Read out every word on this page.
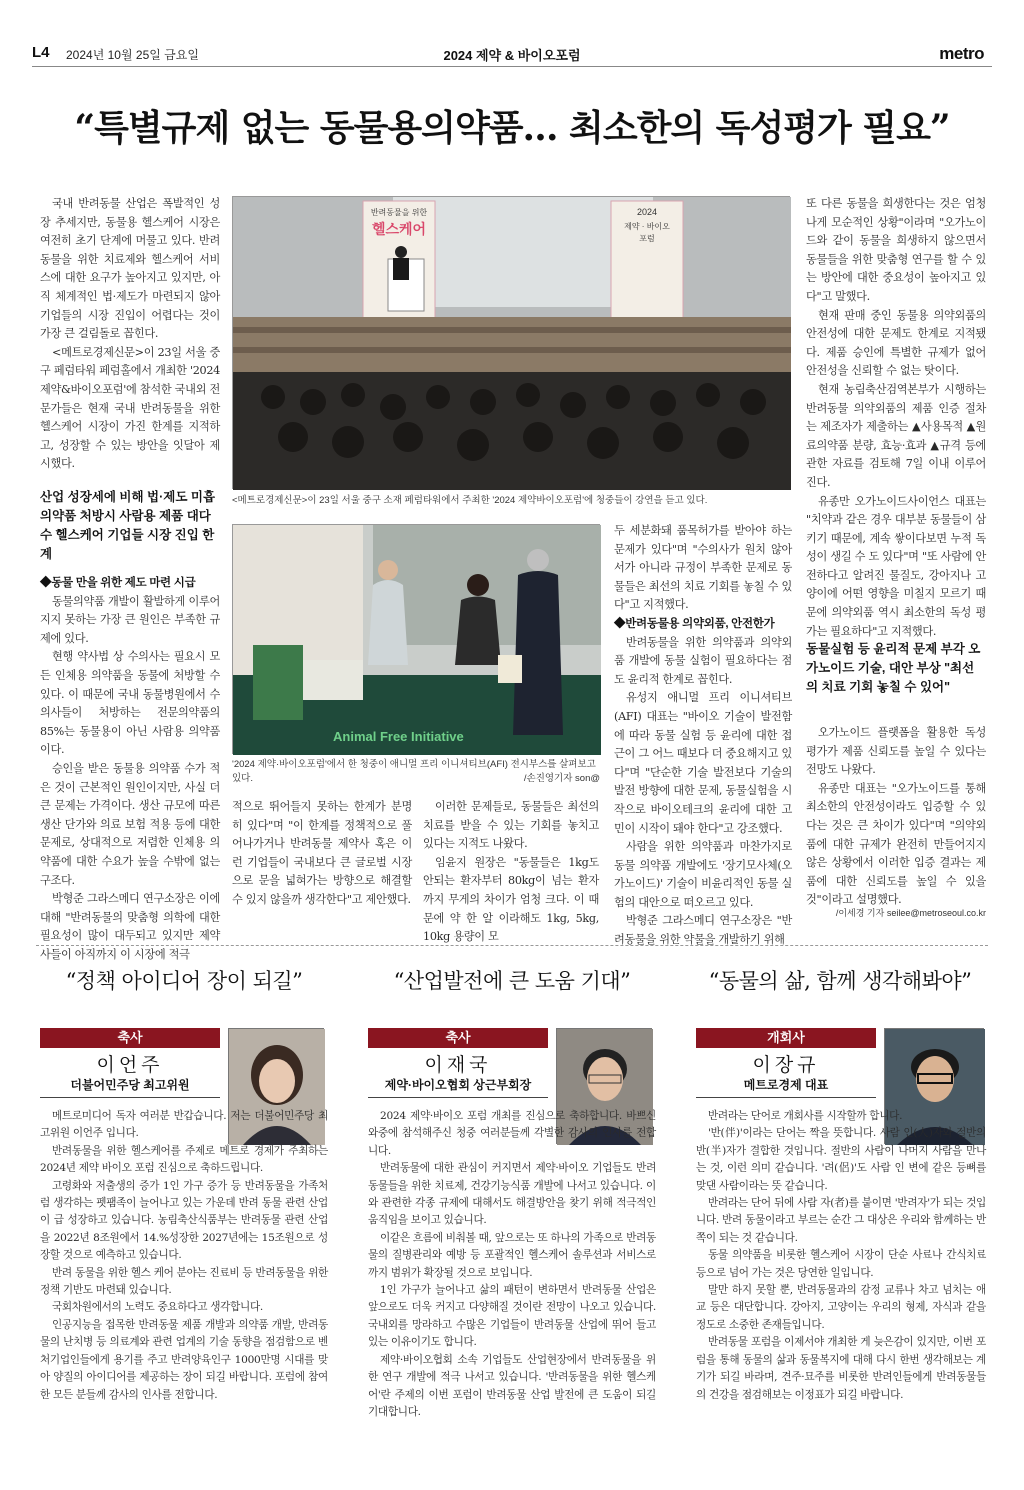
L4 2024년 10월 25일 금요일	2024 제약 & 바이오포럼	metro
“특별규제 없는 동물용의약품… 최소한의 독성평가 필요”

국내 반려동물 산업은 폭발적인 성장 추세지만, 동물용 헬스케어 시장은 여전히 초기 단계에 머물고 있다. 반려동물을 위한 치료제와 헬스케어 서비스에 대한 요구가 높아지고 있지만, 아직 체계적인 법·제도가 마련되지 않아 기업들의 시장 진입이 어렵다는 것이 가장 큰 걸림돌로 꼽힌다.

<메트로경제신문>이 23일 서울 중구 페럼타워 페럼홀에서 개최한 '2024 제약&바이오포럼'에 참석한 국내외 전문가들은 현재 국내 반려동물을 위한 헬스케어 시장이 가진 한계를 지적하고, 성장할 수 있는 방안을 잇달아 제시했다.

산업 성장세에 비해 법·제도 미흡 의약품 처방시 사람용 제품 대다수 헬스케어 기업들 시장 진입 한계
◆동물 만을 위한 제도 마련 시급

동물의약품 개발이 활발하게 이루어지지 못하는 가장 큰 원인은 부족한 규제에 있다.

현행 약사법 상 수의사는 필요시 모든 인체용 의약품을 동물에 처방할 수 있다. 이 때문에 국내 동물병원에서 수의사들이 처방하는 전문의약품의 85%는 동물용이 아닌 사람용 의약품이다.

승인을 받은 동물용 의약품 수가 적은 것이 근본적인 원인이지만, 사실 더 큰 문제는 가격이다. 생산 규모에 따른 생산 단가와 의료 보험 적용 등에 대한 문제로, 상대적으로 저렴한 인체용 의약품에 대한 수요가 높을 수밖에 없는 구조다.

박형준 그라스메디 연구소장은 이에 대해 "반려동물의 맞춤형 의학에 대한 필요성이 많이 대두되고 있지만 제약사들이 아직까지 이 시장에 적극

반려동물을 위한
헬스케어
2024
제약 · 바이오
포럼
<메트로경제신문>이 23일 서울 중구 소재 페럼타워에서 주최한 '2024 제약바이오포럼'에 청중들이 강연을 듣고 있다.
Animal Free Initiative
'2024 제약·바이오포럼'에서 한 청중이 애니멀 프리 이니셔티브(AFI) 전시부스를 살펴보고 있다.	/손진영기자 son@

적으로 뛰어들지 못하는 한계가 분명히 있다"며 "이 한계를 정책적으로 풀어나가거나 반려동물 제약사 혹은 이런 기업들이 국내보다 큰 글로벌 시장으로 문을 넓혀가는 방향으로 해결할 수 있지 않을까 생각한다"고 제안했다.

이러한 문제들로, 동물들은 최선의 치료를 받을 수 있는 기회를 놓치고 있다는 지적도 나왔다.

임윤지 원장은 "동물들은 1kg도 안되는 환자부터 80kg이 넘는 환자까지 무게의 차이가 엄청 크다. 이 때문에 약 한 알 이라해도 1kg, 5kg, 10kg 용량이 모

두 세분화돼 품목허가를 받아야 하는 문제가 있다"며 "수의사가 원치 않아서가 아니라 규정이 부족한 문제로 동물들은 최선의 치료 기회를 놓칠 수 있다"고 지적했다.

◆반려동물용 의약외품, 안전한가

반려동물을 위한 의약품과 의약외품 개발에 동물 실험이 필요하다는 점도 윤리적 한계로 꼽힌다.

유성지 애니멀 프리 이니셔티브(AFI) 대표는 "바이오 기술이 발전함에 따라 동물 실험 등 윤리에 대한 접근이 그 어느 때보다 더 중요해지고 있다"며 "단순한 기술 발전보다 기술의 발전 방향에 대한 문제, 동물실험을 시작으로 바이오테크의 윤리에 대한 고민이 시작이 돼야 한다"고 강조했다.

사람을 위한 의약품과 마찬가지로 동물 의약품 개발에도 '장기모사체(오가노이드)' 기술이 비윤리적인 동물 실험의 대안으로 떠오르고 있다.

박형준 그라스메디 연구소장은 "반려동물을 위한 약물을 개발하기 위해

또 다른 동물을 희생한다는 것은 엄청나게 모순적인 상황"이라며 "오가노이드와 같이 동물을 희생하지 않으면서 동물들을 위한 맞춤형 연구를 할 수 있는 방안에 대한 중요성이 높아지고 있다"고 말했다.

현재 판매 중인 동물용 의약외품의 안전성에 대한 문제도 한계로 지적됐다. 제품 승인에 특별한 규제가 없어 안전성을 신뢰할 수 없는 탓이다.

현재 농림축산검역본부가 시행하는 반려동물 의약외품의 제품 인증 절차는 제조자가 제출하는 ▲사용목적 ▲원료의약품 분량, 효능·효과 ▲규격 등에 관한 자료를 검토해 7일 이내 이루어진다.

유종만 오가노이드사이언스 대표는 "치약과 같은 경우 대부분 동물들이 삼키기 때문에, 계속 쌓이다보면 누적 독성이 생길 수 도 있다"며 "또 사람에 안전하다고 알려진 물질도, 강아지나 고양이에 어떤 영향을 미칠지 모르기 때문에 의약외품 역시 최소한의 독성 평가는 필요하다"고 지적했다.

동물실험 등 윤리적 문제 부각 오가노이드 기술, 대안 부상 "최선의 치료 기회 놓칠 수 있어"

오가노이드 플랫폼을 활용한 독성 평가가 제품 신뢰도를 높일 수 있다는 전망도 나왔다.

유종만 대표는 "오가노이드를 통해 최소한의 안전성이라도 입증할 수 있다는 것은 큰 차이가 있다"며 "의약외품에 대한 규제가 완전히 만들어지지 않은 상황에서 이러한 입증 결과는 제품에 대한 신뢰도를 높일 수 있을 것"이라고 설명했다.

/이세경 기자 seilee@metroseoul.co.kr
“정책 아이디어 장이 되길”
축사
이언주
더불어민주당 최고위원

메트로미디어 독자 여러분 반갑습니다. 저는 더불어민주당 최고위원 이언주 입니다.

반려동물을 위한 헬스케어를 주제로 메트로 경제가 주최하는 2024년 제약 바이오 포럼 진심으로 축하드립니다.

고령화와 저출생의 증가 1인 가구 증가 등 반려동물을 가족처럼 생각하는 펫팸족이 늘어나고 있는 가운데 반려 동물 관련 산업이 급 성장하고 있습니다. 농림축산식품부는 반려동물 관련 산업을 2022년 8조원에서 14.%성장한 2027년에는 15조원으로 성장할 것으로 예측하고 있습니다.

반려 동물을 위한 헬스 케어 분야는 진료비 등 반려동물을 위한 정책 기반도 마련돼 있습니다.

국회차원에서의 노력도 중요하다고 생각합니다.

인공지능을 접목한 반려동물 제품 개발과 의약품 개발, 반려동물의 난치병 등 의료계와 관련 업계의 기술 동향을 점검함으로 벤처기업인들에게 용기를 주고 반려양육인구 1000만명 시대를 맞아 양질의 아이디어를 제공하는 장이 되길 바랍니다. 포럼에 참여한 모든 분들께 감사의 인사를 전합니다.

“산업발전에 큰 도움 기대”
축사
이재국
제약·바이오협회 상근부회장

2024 제약·바이오 포럼 개최를 진심으로 축하합니다. 바쁘신 와중에 참석해주신 청중 여러분들께 각별한 감사의 인사를 전합니다.

반려동물에 대한 관심이 커지면서 제약·바이오 기업들도 반려동물들을 위한 치료제, 건강기능식품 개발에 나서고 있습니다. 이와 관련한 각종 규제에 대해서도 해결방안을 찾기 위해 적극적인 움직임을 보이고 있습니다.

이같은 흐름에 비춰볼 때, 앞으로는 또 하나의 가족으로 반려동물의 질병관리와 예방 등 포괄적인 헬스케어 솔루션과 서비스로까지 범위가 확장될 것으로 보입니다.

1인 가구가 늘어나고 삶의 패턴이 변하면서 반려동물 산업은 앞으로도 더욱 커지고 다양해질 것이란 전망이 나오고 있습니다. 국내외를 망라하고 수많은 기업들이 반려동물 산업에 뛰어 들고 있는 이유이기도 합니다.

제약·바이오협회 소속 기업들도 산업현장에서 반려동물을 위한 연구 개발에 적극 나서고 있습니다. '반려동물을 위한 헬스케어'란 주제의 이번 포럼이 반려동물 산업 발전에 큰 도움이 되길 기대합니다.

“동물의 삶, 함께 생각해봐야”
개회사
이장규
메트로경제 대표

반려라는 단어로 개회사를 시작할까 합니다.

'반(伴)'이라는 단어는 짝을 뜻합니다. 사람 인(人)자와 절반의 반(半)자가 결합한 것입니다. 절반의 사람이 나머지 사람을 만나는 것, 이런 의미 같습니다. '려(侶)'도 사람 인 변에 같은 등뼈를 맞댄 사람이라는 뜻 같습니다.

반려라는 단어 뒤에 사람 자(者)를 붙이면 '반려자'가 되는 것입니다. 반려 동물이라고 부르는 순간 그 대상은 우리와 함께하는 반쪽이 되는 것 같습니다.

동물 의약품을 비롯한 헬스케어 시장이 단순 사료나 간식치료 등으로 넘어 가는 것은 당연한 일입니다.

말만 하지 못할 뿐, 반려동물과의 감정 교류나 차고 넘치는 애교 등은 대단합니다. 강아지, 고양이는 우리의 형제, 자식과 같을 정도로 소중한 존재들입니다.

반려동물 포럼을 이제서야 개최한 게 늦은감이 있지만, 이번 포럼을 통해 동물의 삶과 동물복지에 대해 다시 한번 생각해보는 계기가 되길 바라며, 견주·묘주를 비롯한 반려인들에게 반려동물들의 건강을 점검해보는 이정표가 되길 바랍니다.
